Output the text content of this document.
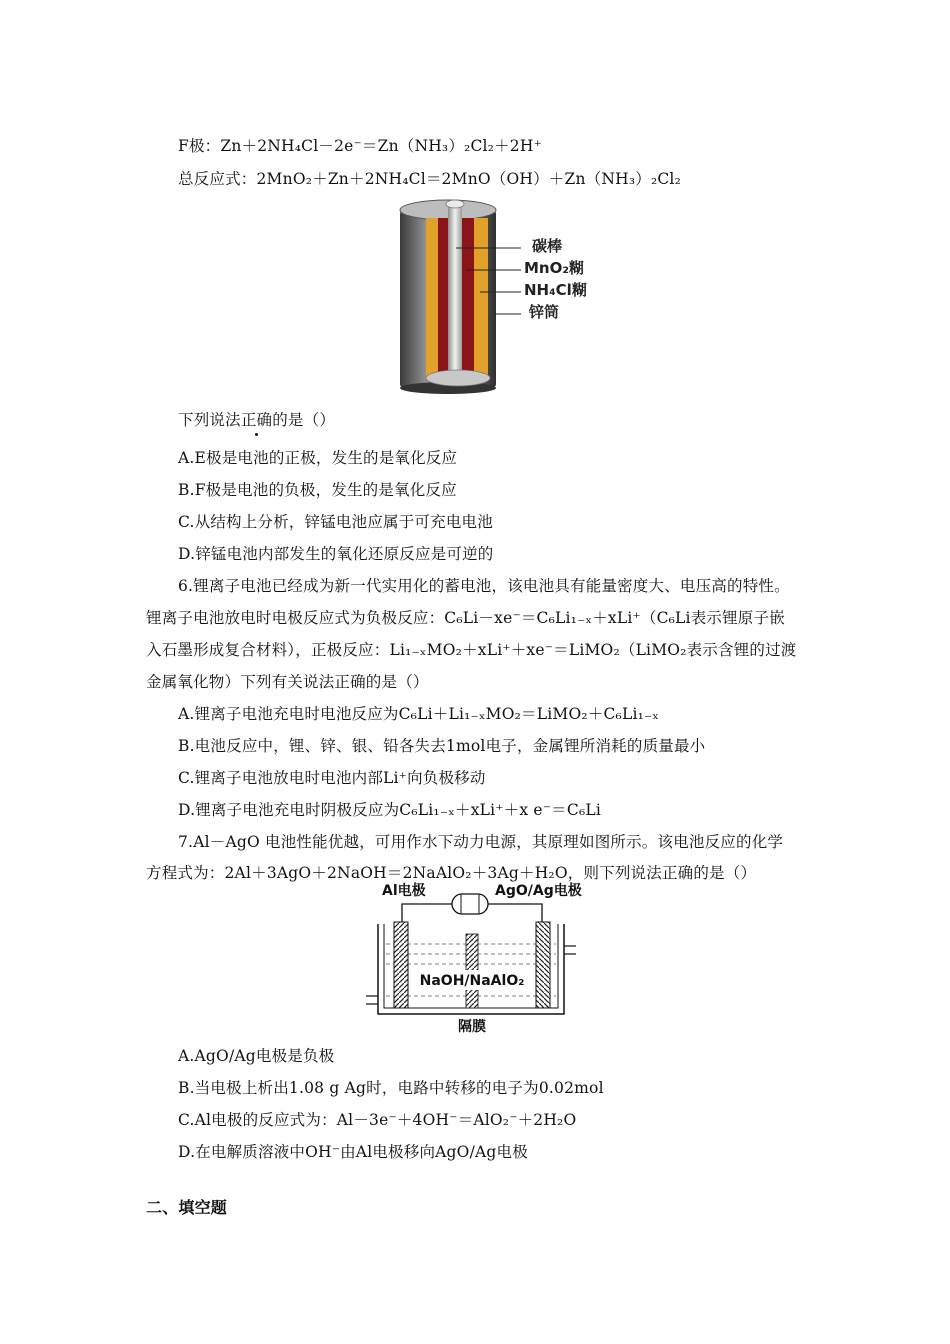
F极：Zn＋2NH₄Cl－2e⁻＝Zn（NH₃）₂Cl₂＋2H⁺
总反应式：2MnO₂＋Zn＋2NH₄Cl＝2MnO（OH）＋Zn（NH₃）₂Cl₂
碳棒
MnO₂糊
NH₄Cl糊
锌筒
下列说法正确的是（）
A.E极是电池的正极，发生的是氧化反应
B.F极是电池的负极，发生的是氧化反应
C.从结构上分析，锌锰电池应属于可充电电池
D.锌锰电池内部发生的氧化还原反应是可逆的
6.锂离子电池已经成为新一代实用化的蓄电池，该电池具有能量密度大、电压高的特性。
锂离子电池放电时电极反应式为负极反应：C₆Li－xe⁻＝C₆Li₁₋ₓ＋xLi⁺（C₆Li表示锂原子嵌
入石墨形成复合材料），正极反应：Li₁₋ₓMO₂＋xLi⁺＋xe⁻＝LiMO₂（LiMO₂表示含锂的过渡
金属氧化物）下列有关说法正确的是（）
A.锂离子电池充电时电池反应为C₆Li＋Li₁₋ₓMO₂＝LiMO₂＋C₆Li₁₋ₓ
B.电池反应中，锂、锌、银、铅各失去1mol电子，金属锂所消耗的质量最小
C.锂离子电池放电时电池内部Li⁺向负极移动
D.锂离子电池充电时阴极反应为C₆Li₁₋ₓ＋xLi⁺＋x e⁻＝C₆Li
7.Al－AgO 电池性能优越，可用作水下动力电源，其原理如图所示。该电池反应的化学
方程式为：2Al＋3AgO＋2NaOH＝2NaAlO₂＋3Ag＋H₂O，则下列说法正确的是（）
Al电极	AgO/Ag电极
NaOH/NaAlO₂
隔膜
A.AgO/Ag电极是负极
B.当电极上析出1.08 g Ag时，电路中转移的电子为0.02mol
C.Al电极的反应式为：Al－3e⁻＋4OH⁻＝AlO₂⁻＋2H₂O
D.在电解质溶液中OH⁻由Al电极移向AgO/Ag电极
二、填空题
